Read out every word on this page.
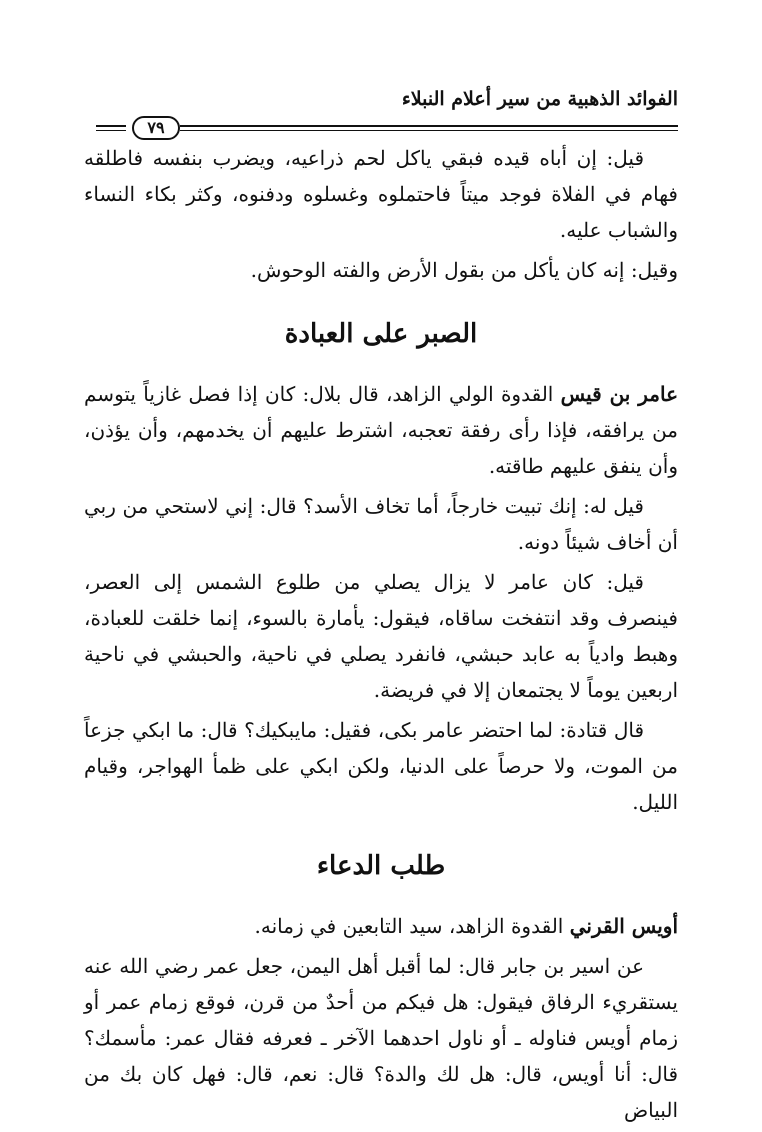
الفوائد الذهبية من سير أعلام النبلاء
٧٩

قيل: إن أباه قيده فبقي ياكل لحم ذراعيه، ويضرب بنفسه فاطلقه فهام في الفلاة فوجد ميتاً فاحتملوه وغسلوه ودفنوه، وكثر بكاء النساء والشباب عليه.

وقيل: إنه كان يأكل من بقول الأرض والفته الوحوش.

الصبر على العبادة

عامر بن قيس القدوة الولي الزاهد، قال بلال: كان إذا فصل غازياً يتوسم من يرافقه، فإذا رأى رفقة تعجبه، اشترط عليهم أن يخدمهم، وأن يؤذن، وأن ينفق عليهم طاقته.

قيل له: إنك تبيت خارجاً، أما تخاف الأسد؟ قال: إني لاستحي من ربي أن أخاف شيئاً دونه.

قيل: كان عامر لا يزال يصلي من طلوع الشمس إلى العصر، فينصرف وقد انتفخت ساقاه، فيقول: يأمارة بالسوء، إنما خلقت للعبادة، وهبط وادياً به عابد حبشي، فانفرد يصلي في ناحية، والحبشي في ناحية اربعين يوماً لا يجتمعان إلا في فريضة.

قال قتادة: لما احتضر عامر بكى، فقيل: مايبكيك؟ قال: ما ابكي جزعاً من الموت، ولا حرصاً على الدنيا، ولكن ابكي على ظمأ الهواجر، وقيام الليل.

طلب الدعاء

أويس القرني القدوة الزاهد، سيد التابعين في زمانه.

عن اسير بن جابر قال: لما أقبل أهل اليمن، جعل عمر رضي الله عنه يستقريء الرفاق فيقول: هل فيكم من أحدٌ من قرن، فوقع زمام عمر أو زمام أويس فناوله ـ أو ناول احدهما الآخر ـ فعرفه فقال عمر: مأسمك؟ قال: أنا أويس، قال: هل لك والدة؟ قال: نعم، قال: فهل كان بك من البياض
